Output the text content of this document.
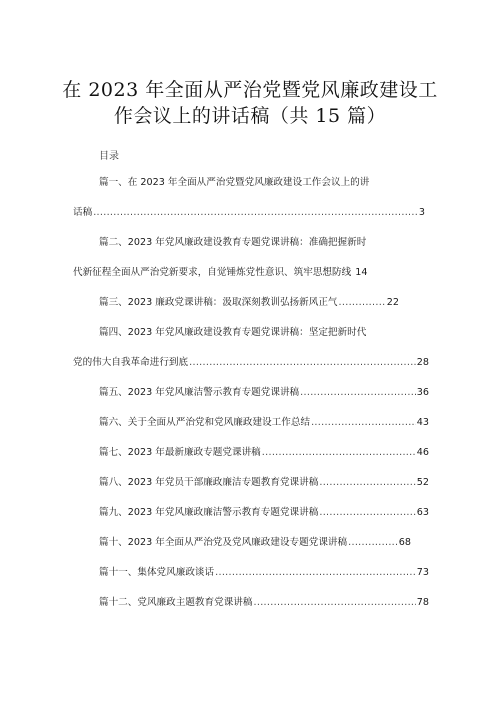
在 2023 年全面从严治党暨党风廉政建设工
作会议上的讲话稿（共 15 篇）
目录
篇一、在 2023 年全面从严治党暨党风廉政建设工作会议上的讲
话稿 .....	3
篇二、2023 年党风廉政建设教育专题党课讲稿：准确把握新时
代新征程全面从严治党新要求，自觉锤炼党性意识、筑牢思想防线 14
篇三、2023 廉政党课讲稿：汲取深刻教训弘扬新风正气 .....	22
篇四、2023 年党风廉政建设教育专题党课讲稿：坚定把新时代
党的伟大自我革命进行到底 .....	28
篇五、2023 年党风廉洁警示教育专题党课讲稿 .....	36
篇六、关于全面从严治党和党风廉政建设工作总结 .....	43
篇七、2023 年最新廉政专题党课讲稿 .....	46
篇八、2023 年党员干部廉政廉洁专题教育党课讲稿 .....	52
篇九、2023 年党风廉政廉洁警示教育专题党课讲稿 .....	63
篇十、2023 年全面从严治党及党风廉政建设专题党课讲稿 .....	68
篇十一、集体党风廉政谈话 .....	73
篇十二、党风廉政主题教育党课讲稿 .....	78
